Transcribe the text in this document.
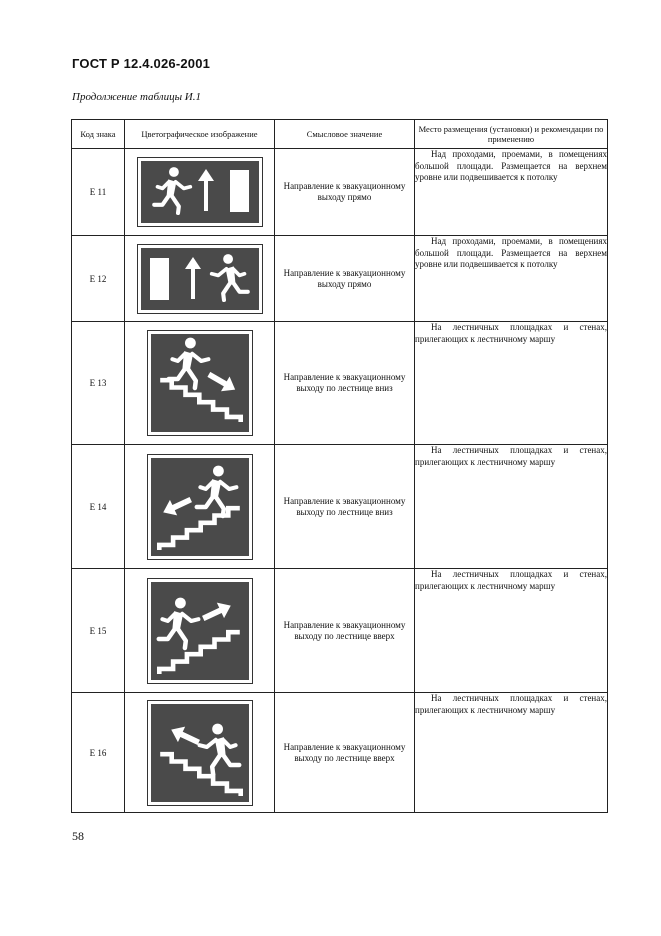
ГОСТ Р 12.4.026-2001
Продолжение таблицы И.1
Код знака	Цветографическое изображение	Смысловое значение	Место размещения (установки) и рекомендации по применению
Е 11		Направление к эвакуационному выходу прямо	Над проходами, проемами, в помещениях большой площади. Размещается на верхнем уровне или подвешивается к потолку
Е 12		Направление к эвакуационному выходу прямо	Над проходами, проемами, в помещениях большой площади. Размещается на верхнем уровне или подвешивается к потолку
Е 13		Направление к эвакуационному выходу по лестнице вниз	На лестничных площадках и стенах, прилегающих к лестничному маршу
Е 14		Направление к эвакуационному выходу по лестнице вниз	На лестничных площадках и стенах, прилегающих к лестничному маршу
Е 15		Направление к эвакуационному выходу по лестнице вверх	На лестничных площадках и стенах, прилегающих к лестничному маршу
Е 16		Направление к эвакуационному выходу по лестнице вверх	На лестничных площадках и стенах, прилегающих к лестничному маршу
58
